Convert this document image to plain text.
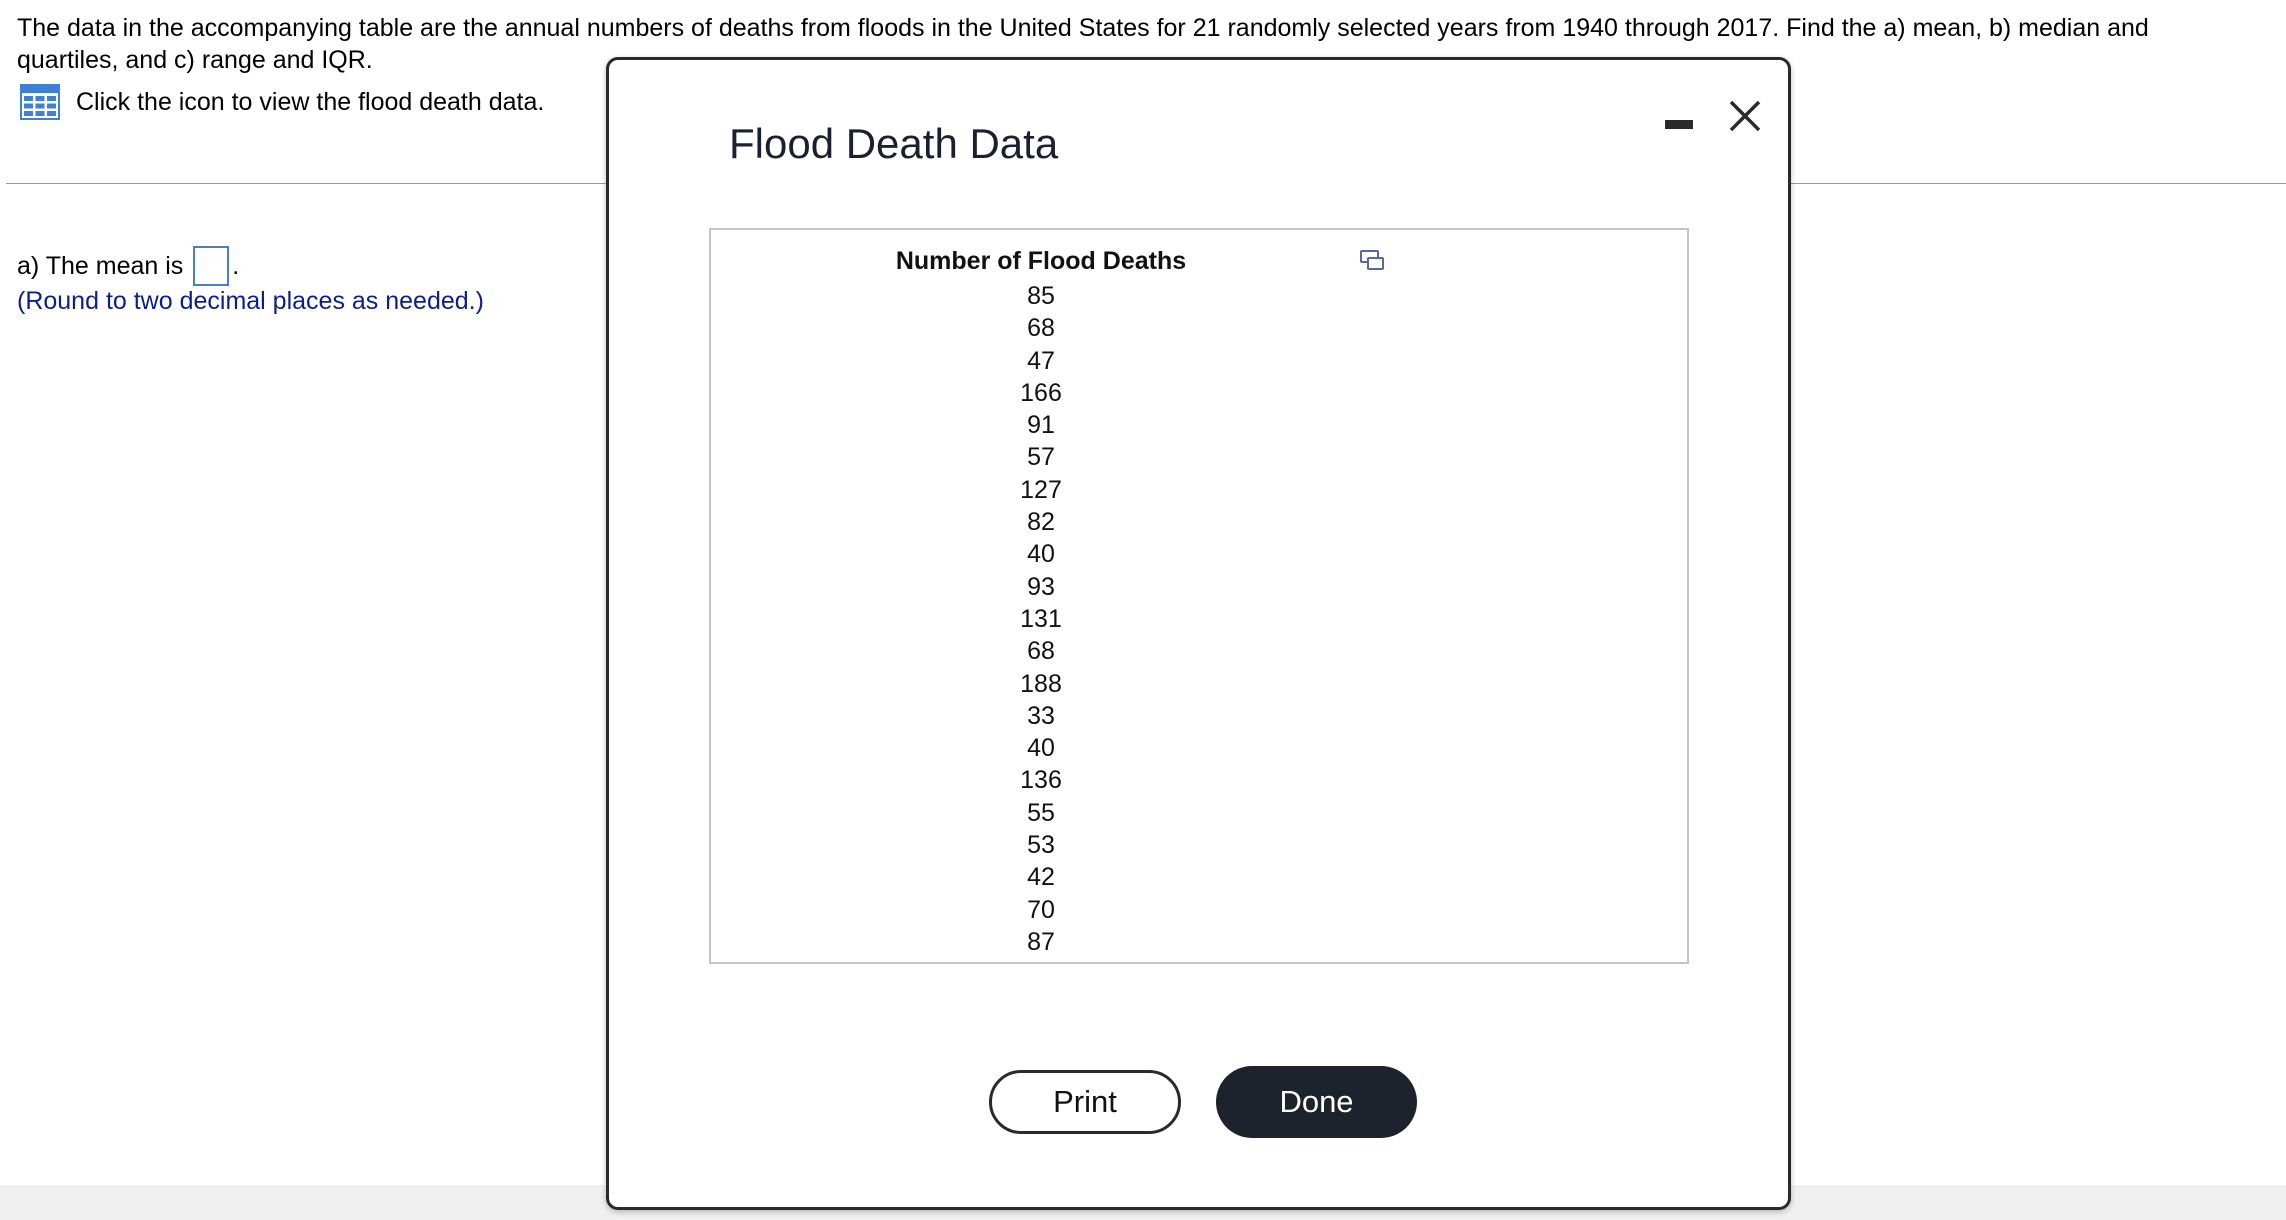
The data in the accompanying table are the annual numbers of deaths from floods in the United States for 21 randomly selected years from 1940 through 2017. Find the a) mean, b) median and quartiles, and c) range and IQR.
Click the icon to view the flood death data.
a) The mean is .
(Round to two decimal places as needed.)
Flood Death Data
Number of Flood Deaths
85
68
47
166
91
57
127
82
40
93
131
68
188
33
40
136
55
53
42
70
87
Print	Done
